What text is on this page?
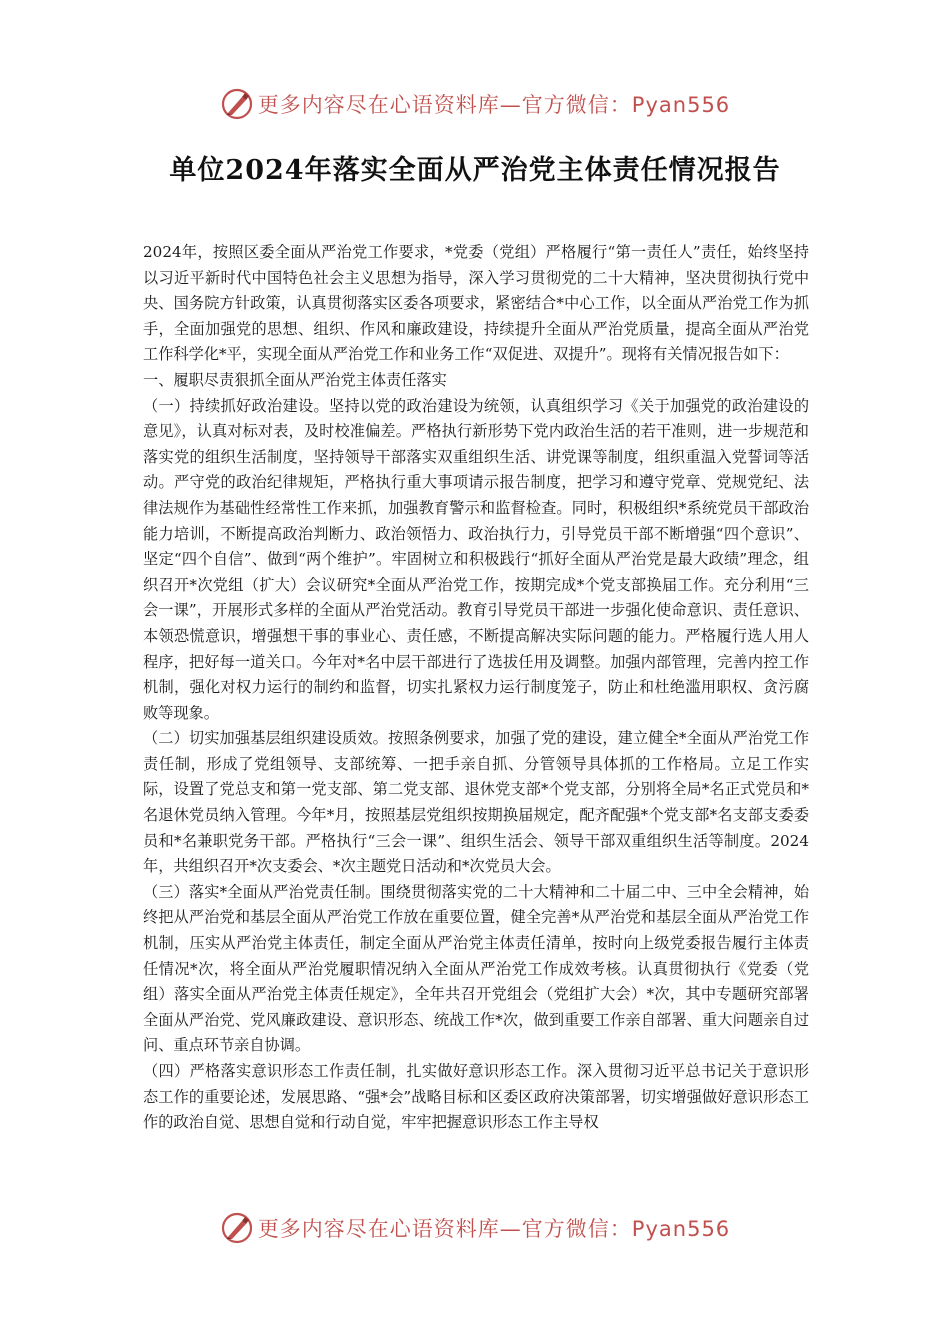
更多内容尽在心语资料库—官方微信：Pyan556
单位2024年落实全面从严治党主体责任情况报告

2024年，按照区委全面从严治党工作要求，*党委（党组）严格履行“第一责任人”责任，始终坚持以习近平新时代中国特色社会主义思想为指导，深入学习贯彻党的二十大精神，坚决贯彻执行党中央、国务院方针政策，认真贯彻落实区委各项要求，紧密结合*中心工作，以全面从严治党工作为抓手，全面加强党的思想、组织、作风和廉政建设，持续提升全面从严治党质量，提高全面从严治党工作科学化*平，实现全面从严治党工作和业务工作“双促进、双提升”。现将有关情况报告如下：

一、履职尽责狠抓全面从严治党主体责任落实

（一）持续抓好政治建设。坚持以党的政治建设为统领，认真组织学习《关于加强党的政治建设的意见》，认真对标对表，及时校准偏差。严格执行新形势下党内政治生活的若干准则，进一步规范和落实党的组织生活制度，坚持领导干部落实双重组织生活、讲党课等制度，组织重温入党誓词等活动。严守党的政治纪律规矩，严格执行重大事项请示报告制度，把学习和遵守党章、党规党纪、法律法规作为基础性经常性工作来抓，加强教育警示和监督检查。同时，积极组织*系统党员干部政治能力培训，不断提高政治判断力、政治领悟力、政治执行力，引导党员干部不断增强“四个意识”、坚定“四个自信”、做到“两个维护”。牢固树立和积极践行“抓好全面从严治党是最大政绩”理念，组织召开*次党组（扩大）会议研究*全面从严治党工作，按期完成*个党支部换届工作。充分利用“三会一课”，开展形式多样的全面从严治党活动。教育引导党员干部进一步强化使命意识、责任意识、本领恐慌意识，增强想干事的事业心、责任感，不断提高解决实际问题的能力。严格履行选人用人程序，把好每一道关口。今年对*名中层干部进行了选拔任用及调整。加强内部管理，完善内控工作机制，强化对权力运行的制约和监督，切实扎紧权力运行制度笼子，防止和杜绝滥用职权、贪污腐败等现象。

（二）切实加强基层组织建设质效。按照条例要求，加强了党的建设，建立健全*全面从严治党工作责任制，形成了党组领导、支部统筹、一把手亲自抓、分管领导具体抓的工作格局。立足工作实际，设置了党总支和第一党支部、第二党支部、退休党支部*个党支部，分别将全局*名正式党员和*名退休党员纳入管理。今年*月，按照基层党组织按期换届规定，配齐配强*个党支部*名支部支委委员和*名兼职党务干部。严格执行“三会一课”、组织生活会、领导干部双重组织生活等制度。2024年，共组织召开*次支委会、*次主题党日活动和*次党员大会。

（三）落实*全面从严治党责任制。围绕贯彻落实党的二十大精神和二十届二中、三中全会精神，始终把从严治党和基层全面从严治党工作放在重要位置，健全完善*从严治党和基层全面从严治党工作机制，压实从严治党主体责任，制定全面从严治党主体责任清单，按时向上级党委报告履行主体责任情况*次，将全面从严治党履职情况纳入全面从严治党工作成效考核。认真贯彻执行《党委（党组）落实全面从严治党主体责任规定》，全年共召开党组会（党组扩大会）*次，其中专题研究部署全面从严治党、党风廉政建设、意识形态、统战工作*次，做到重要工作亲自部署、重大问题亲自过问、重点环节亲自协调。

（四）严格落实意识形态工作责任制，扎实做好意识形态工作。深入贯彻习近平总书记关于意识形态工作的重要论述，发展思路、“强*会”战略目标和区委区政府决策部署，切实增强做好意识形态工作的政治自觉、思想自觉和行动自觉，牢牢把握意识形态工作主导权

更多内容尽在心语资料库—官方微信：Pyan556
